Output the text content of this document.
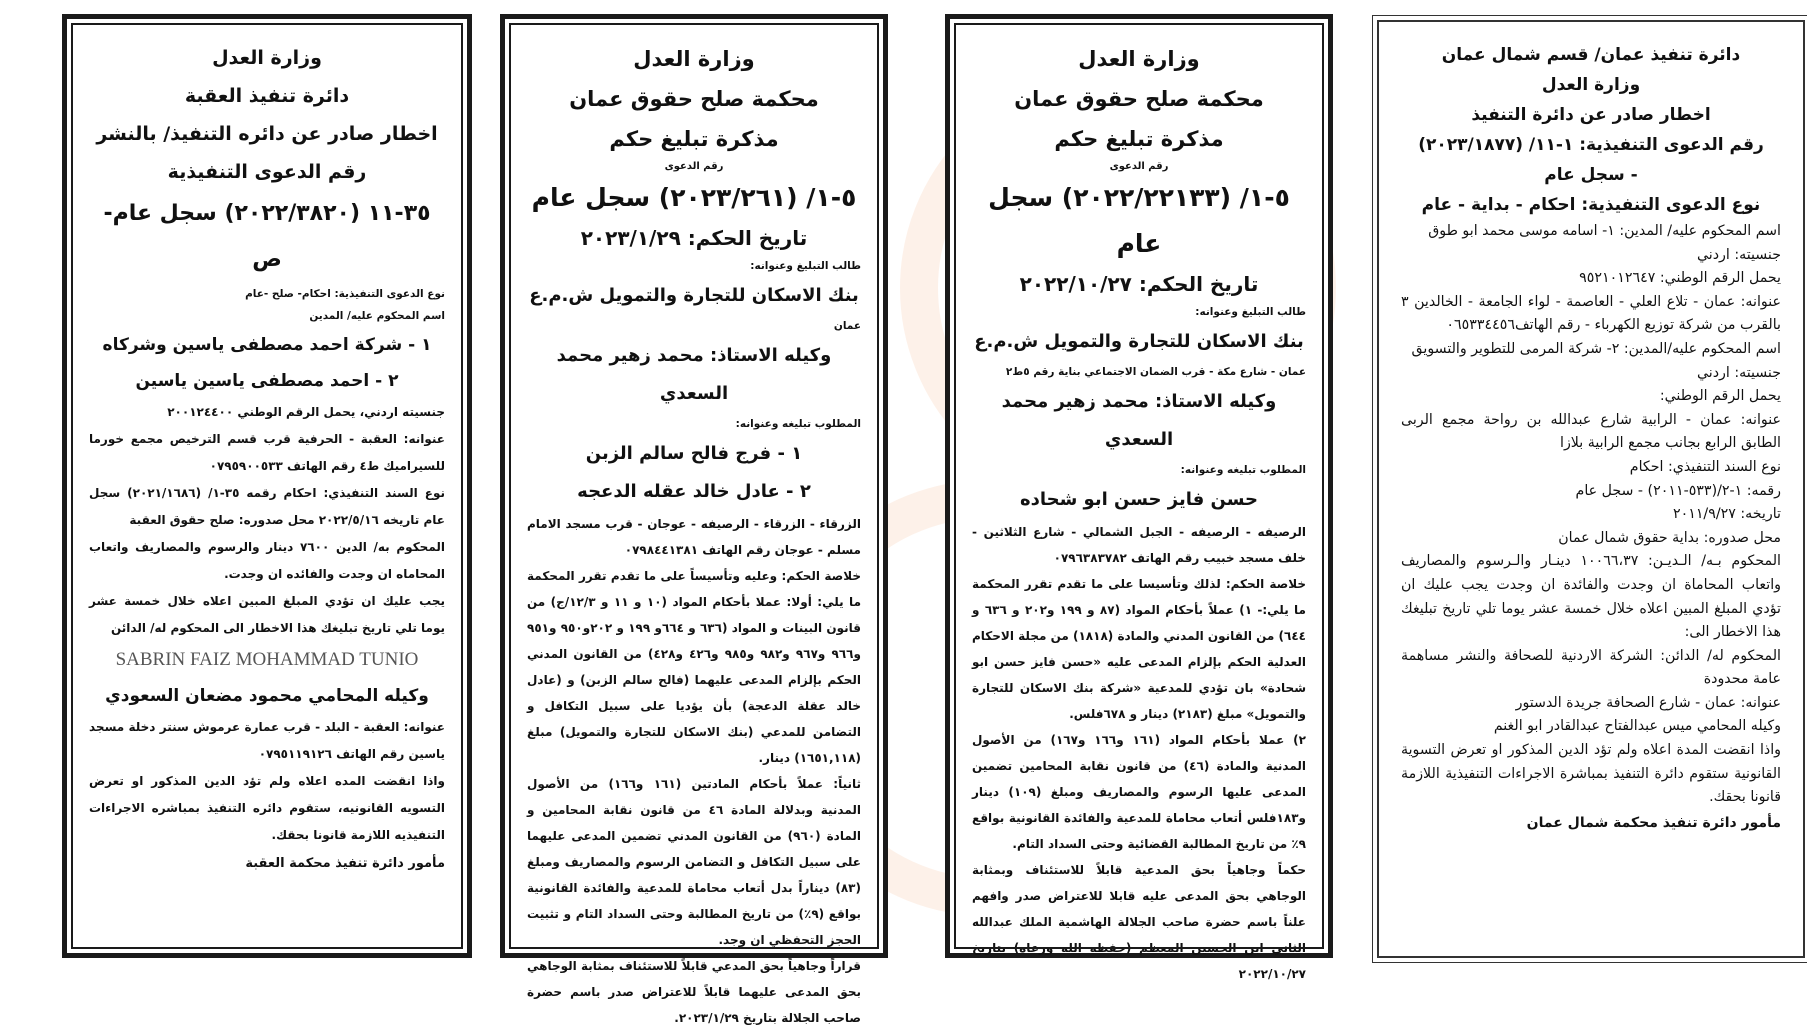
وزارة العدل
دائرة تنفيذ العقبة
اخطار صادر عن دائره التنفيذ/ بالنشر
رقم الدعوى التنفيذية
٣٥-١١ (٢٠٢٢/٣٨٢٠) سجل عام-ص
نوع الدعوى التنفيذية: احكام- صلح -عام
اسم المحكوم عليه/ المدين
١ - شركة احمد مصطفى ياسين وشركاه
٢ - احمد مصطفى ياسين ياسين
جنسيته اردني، يحمل الرقم الوطني ٢٠٠١٢٤٤٠٠
عنوانه: العقبة - الحرفية قرب قسم الترخيص مجمع خورما للسيراميك ط٤ رقم الهاتف ٠٧٩٥٩٠٠٥٣٣
نوع السند التنفيذي: احكام رقمه ٣٥-١/ (٢٠٢١/١٦٨٦) سجل عام تاريخه ٢٠٢٢/٥/١٦ محل صدوره: صلح حقوق العقبة
المحكوم به/ الدين ٧٦٠٠ دينار والرسوم والمصاريف واتعاب المحاماه ان وجدت والفائده ان وجدت.
يجب عليك ان تؤدي المبلغ المبين اعلاه خلال خمسة عشر يوما تلي تاريخ تبليغك هذا الاخطار الى المحكوم له/ الدائن
SABRIN FAIZ MOHAMMAD TUNIO
وكيله المحامي محمود مضعان السعودي
عنوانه: العقبة - البلد - قرب عمارة عرموش سنتر دخلة مسجد ياسين رقم الهاتف ٠٧٩٥١١٩١٢٦
واذا انقضت المده اعلاه ولم تؤد الدين المذكور او تعرض التسويه القانونيه، ستقوم دائره التنفيذ بمباشره الاجراءات التنفيذيه اللازمة قانونا بحقك.
مأمور دائرة تنفيذ محكمة العقبة
وزارة العدل
محكمة صلح حقوق عمان
مذكرة تبليغ حكم
رقم الدعوى
٥-١/ (٢٠٢٣/٢٦١) سجل عام
تاريخ الحكم: ٢٠٢٣/١/٢٩
طالب التبليغ وعنوانه:
بنك الاسكان للتجارة والتمويل ش.م.ع
عمان
وكيله الاستاذ: محمد زهير محمد السعدي
المطلوب تبليغه وعنوانه:
١ - فرج فالح سالم الزبن
٢ - عادل خالد عقله الدعجه
الزرقاء - الزرقاء - الرصيفه - عوجان - قرب مسجد الامام مسلم - عوجان رقم الهاتف ٠٧٩٨٤٤١٣٨١
خلاصة الحكم: وعليه وتأسيساً على ما تقدم تقرر المحكمة ما يلي: أولا: عملا بأحكام المواد (١٠ و ١١ و ١٢/٣/ج) من قانون البينات و المواد (٦٣٦ و ٦٦٤و ١٩٩ و ٢٠٢و٩٥٠ و٩٥١ و٩٦٦ و٩٦٧ و٩٨٢ و٩٨٥ و٤٢٦ و٤٢٨) من القانون المدني الحكم بإلزام المدعى عليهما (فالح سالم الزبن) و (عادل خالد عقلة الدعجة) بأن يؤديا على سبيل التكافل و التضامن للمدعي (بنك الاسكان للتجارة والتمويل) مبلغ (١٦٥١,١١٨) دينار.
ثانياً: عملاً بأحكام المادتين (١٦١ و١٦٦) من الأصول المدنية وبدلالة المادة ٤٦ من قانون نقابة المحامين و المادة (٩٦٠) من القانون المدني تضمين المدعى عليهما على سبيل التكافل و التضامن الرسوم والمصاريف ومبلغ (٨٣) ديناراً بدل أتعاب محاماة للمدعية والفائدة القانونية بواقع (٩٪) من تاريخ المطالبة وحتى السداد التام و تثبيت الحجز التحفظي ان وجد.
قراراً وجاهياً بحق المدعي قابلاً للاستئناف بمثابة الوجاهي بحق المدعى عليهما قابلاً للاعتراض صدر باسم حضرة صاحب الجلالة بتاريخ ٢٠٢٣/١/٢٩.
وزارة العدل
محكمة صلح حقوق عمان
مذكرة تبليغ حكم
رقم الدعوى
٥-١/ (٢٠٢٢/٢٢١٣٣) سجل عام
تاريخ الحكم: ٢٠٢٢/١٠/٢٧
طالب التبليغ وعنوانه:
بنك الاسكان للتجارة والتمويل ش.م.ع
عمان - شارع مكة - قرب الضمان الاجتماعي بناية رقم ٥ط٢
وكيله الاستاذ: محمد زهير محمد السعدي
المطلوب تبليغه وعنوانه:
حسن فايز حسن ابو شحاده
الرصيفه - الرصيفه - الجبل الشمالي - شارع الثلاثين - خلف مسجد خبيب رقم الهاتف ٠٧٩٦٣٨٣٧٨٢
خلاصة الحكم: لذلك وتأسيسا على ما تقدم تقرر المحكمة ما يلي:- ١) عملاً بأحكام المواد (٨٧ و ١٩٩ و٢٠٢ و ٦٣٦ و ٦٤٤) من القانون المدني والمادة (١٨١٨) من مجلة الاحكام العدلية الحكم بإلزام المدعى عليه «حسن فايز حسن ابو شحادة» بان تؤدي للمدعية «شركة بنك الاسكان للتجارة والتمويل» مبلغ (٢١٨٣) دينار و ٦٧٨فلس.
٢) عملا بأحكام المواد (١٦١ و١٦٦ و١٦٧) من الأصول المدنية والمادة (٤٦) من قانون نقابة المحامين تضمين المدعى عليها الرسوم والمصاريف ومبلغ (١٠٩) دينار و١٨٣فلس أتعاب محاماة للمدعية والفائدة القانونية بواقع ٩٪ من تاريخ المطالبة القضائية وحتى السداد التام.
حكماً وجاهياً بحق المدعية قابلاً للاستئناف وبمثابة الوجاهي بحق المدعى عليه قابلا للاعتراض صدر وافهم علناً باسم حضرة صاحب الجلالة الهاشمية الملك عبدالله الثاني ابن الحسين المعظم (حفظه الله ورعاه) بتاريخ ٢٠٢٢/١٠/٢٧
دائرة تنفيذ عمان/ قسم شمال عمان
وزارة العدل
اخطار صادر عن دائرة التنفيذ
رقم الدعوى التنفيذية: ١-١١/ (٢٠٢٣/١٨٧٧)
- سجل عام
نوع الدعوى التنفيذية: احكام - بداية - عام
اسم المحكوم عليه/ المدين: ١- اسامه موسى محمد ابو طوق
جنسيته: اردني
يحمل الرقم الوطني: ٩٥٢١٠١٢٦٤٧
عنوانه: عمان - تلاع العلي - العاصمة - لواء الجامعة - الخالدين ٣ بالقرب من شركة توزيع الكهرباء - رقم الهاتف٠٦٥٣٣٤٤٥٦
اسم المحكوم عليه/المدين: ٢- شركة المرمى للتطوير والتسويق
جنسيته: اردني
يحمل الرقم الوطني:
عنوانه: عمان - الرابية شارع عبدالله بن رواحة مجمع الربى الطابق الرابع بجانب مجمع الرابية بلازا
نوع السند التنفيذي: احكام
رقمه: ١-٢/(٥٣٣-٢٠١١) - سجل عام
تاريخه: ٢٠١١/٩/٢٧
محل صدوره: بداية حقوق شمال عمان
المحكوم بـه/ الـديـن: ١٠٠٦٦،٣٧ دينـار والـرسوم والمصاريف واتعاب المحاماة ان وجدت والفائدة ان وجدت يجب عليك ان تؤدي المبلغ المبين اعلاه خلال خمسة عشر يوما تلي تاريخ تبليغك هذا الاخطار الى:
المحكوم له/ الدائن: الشركة الاردنية للصحافة والنشر مساهمة عامة محدودة
عنوانه: عمان - شارع الصحافة جريدة الدستور
وكيله المحامي ميس عبدالفتاح عبدالقادر ابو الغنم
واذا انقضت المدة اعلاه ولم تؤد الدين المذكور او تعرض التسوية القانونية ستقوم دائرة التنفيذ بمباشرة الاجراءات التنفيذية اللازمة قانونا بحقك.
مأمور دائرة تنفيذ محكمة شمال عمان
